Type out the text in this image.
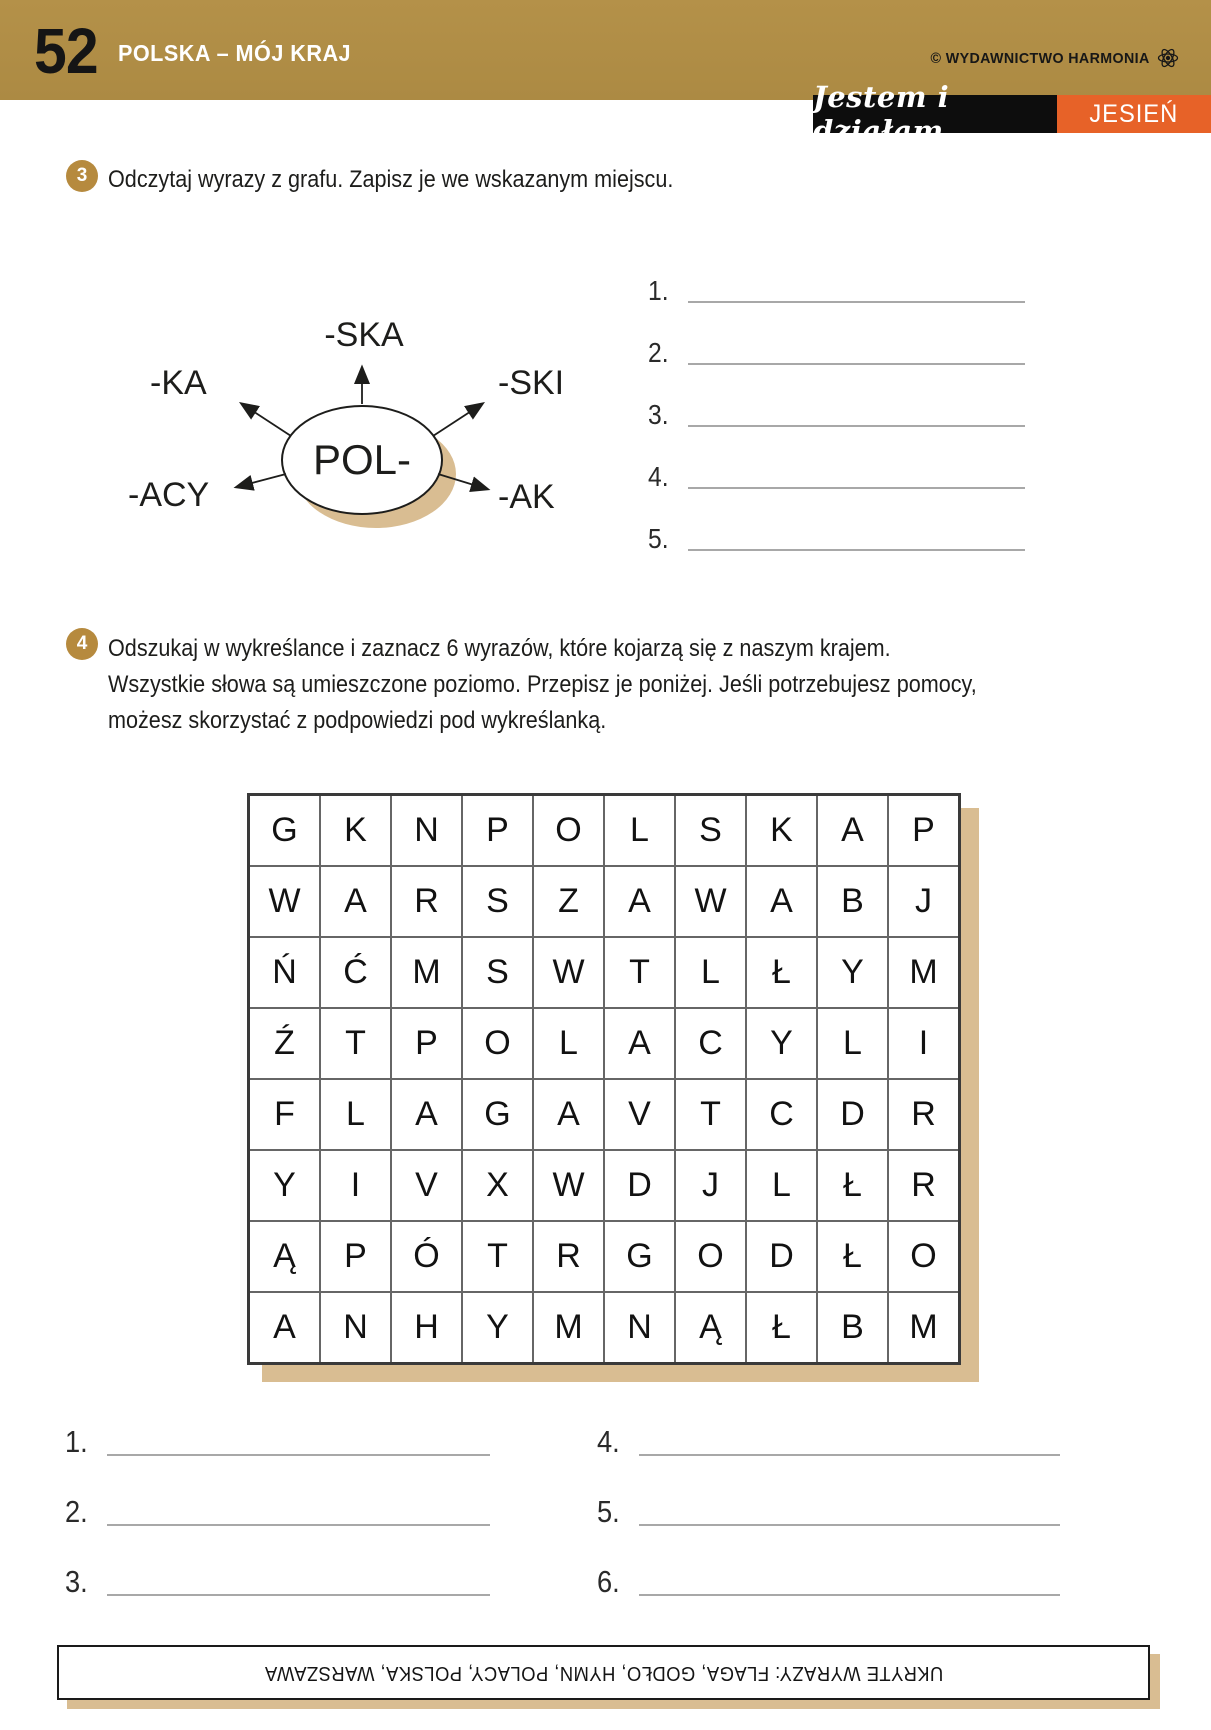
52 POLSKA – MÓJ KRAJ	© WYDAWNICTWO HARMONIA
Jestem i działam
JESIEŃ
3 Odczytaj wyrazy z grafu. Zapisz je we wskazanym miejscu.
POL-
-SKA
-KA	-SKI
-ACY	-AK
1.
2.
3.
4.
5.
4 Odszukaj w wykreślance i zaznacz 6 wyrazów, które kojarzą się z naszym krajem.
Wszystkie słowa są umieszczone poziomo. Przepisz je poniżej. Jeśli potrzebujesz pomocy,
możesz skorzystać z podpowiedzi pod wykreślanką.
G	K	N	P	O	L	S	K	A	P
W	A	R	S	Z	A	W	A	B	J
Ń	Ć	M	S	W	T	L	Ł	Y	M
Ź	T	P	O	L	A	C	Y	L	I
F	L	A	G	A	V	T	C	D	R
Y	I	V	X	W	D	J	L	Ł	R
Ą	P	Ó	T	R	G	O	D	Ł	O
A	N	H	Y	M	N	Ą	Ł	B	M
1.
2.
3.
4.
5.
6.
UKRYTE WYRAZY: FLAGA, GODŁO, HYMN, POLACY, POLSKA, WARSZAWA
